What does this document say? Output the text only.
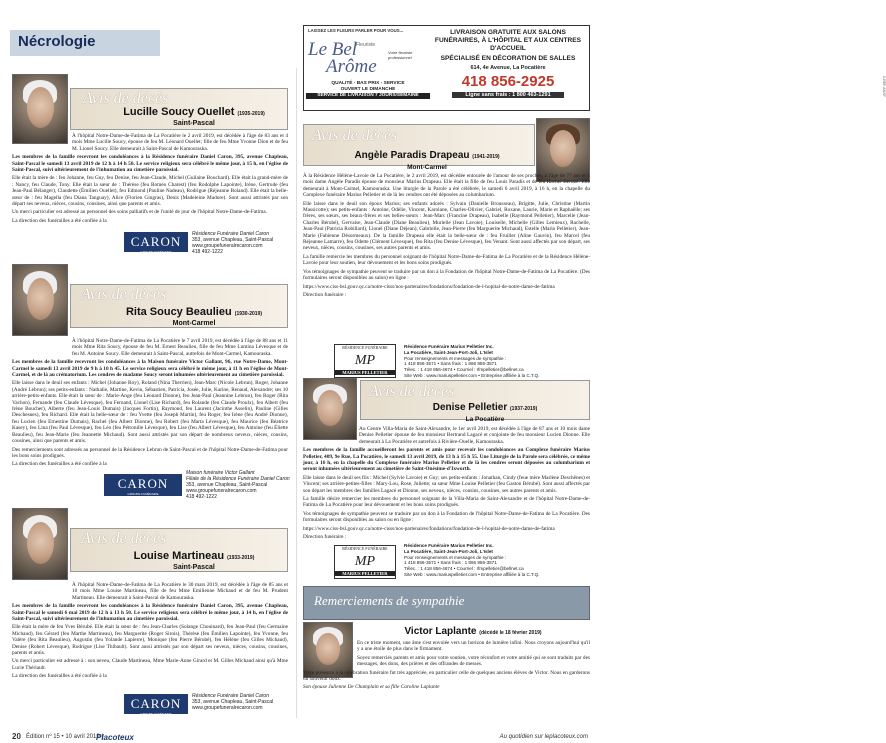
Nécrologie
LAISSEZ LES FLEURS PARLER POUR VOUS...
Fleuriste
Le Bel
Arôme
Votre fleuriste professionnel
QUALITÉ - BAS PRIX - SERVICE
OUVERT LE DIMANCHE
SERVICE DE LIVRAISON 7 JOURS/SEMAINE
LIVRAISON GRATUITE AUX SALONS FUNÉRAIRES, À L'HÔPITAL ET AUX CENTRES D'ACCUEIL
SPÉCIALISÉ EN DÉCORATION DE SALLES
614, 4e Avenue, La Pocatière
418 856-2925
Ligne sans frais : 1 800 463-1291	0-RBF-ANSP
Avis de décès
Lucille Soucy Ouellet (1935-2019)
Saint-Pascal

À l'hôpital Notre-Dame-de-Fatima de La Pocatière le 2 avril 2019, est décédée à l'âge de 83 ans et 4 mois Mme Lucille Soucy, épouse de feu M. Léonard Ouellet; fille de feu Mme Yvonne Dion et de feu M. Lionel Soucy. Elle demeurait à Saint-Pascal de Kamouraska.

Les membres de la famille recevront les condoléances à la Résidence funéraire Daniel Caron, 395, avenue Chapleau, Saint-Pascal le samedi 13 avril 2019 de 12 h à 14 h 50. Le service religieux sera célébré le même jour, à 15 h, en l'église de Saint-Pascal, suivi ultérieurement de l'inhumation au cimetière paroissial.

Elle était la mère de : feu Johanne, feu Guy, feu Denise, feu Jean-Claude, Michel (Guilaine Bouchard). Elle était la grand-mère de : Nancy, feu Claude, Tony. Elle était la sœur de : Thérèse (feu Roméo Charest) (feu Rodolphe Lapointe), Irène, Gertrude (feu Jean-Paul Bélanger), Claudette (Émilien Ouellet), feu Edmond (Pauline Nadeau), Rodrigue (Réjeanne Boland). Elle était la belle-sœur de : feu Magella (feu Diana Tanguay), Alice (Florien Gingras), Denis (Madeleine Madore). Sont aussi attristés par son départ ses neveux, nièces, cousins, cousines, ainsi que parents et amis.

Un merci particulier est adressé au personnel des soins palliatifs et de l'unité de jour de l'hôpital Notre-Dame-de-Fatima.

La direction des funérailles a été confiée à la

CARON
GROUPE FUNÉRAIRE
Résidence Funéraire Daniel Caron
353, avenue Chapleau, Saint-Pascal
www.groupefuneralrecaron.com
418 492-1222
Avis de décès
Rita Soucy Beaulieu (1930-2019)
Mont-Carmel

À l'hôpital Notre-Dame-de-Fatima de La Pocatière le 7 avril 2019, est décédée à l'âge de 88 ans et 11 mois Mme Rita Soucy, épouse de feu M. Ernest Beaulieu, fille de feu Mme Lumina Lévesque et de feu M. Antoine Soucy. Elle demeurait à Saint-Pascal, autrefois de Mont-Carmel, Kamouraska.

Les membres de la famille recevront les condoléances à la Maison funéraire Victor Gallant, 96, rue Notre-Dame, Mont-Carmel le samedi 13 avril 2019 de 9 h à 10 h 45. Le service religieux sera célébré le même jour, à 11 h en l'église de Mont-Carmel, et de là au crématorium. Les cendres de madame Soucy seront inhumées ultérieurement au cimetière paroissial.

Elle laisse dans le deuil ses enfants : Michel (Johanne Roy), Roland (Nina Therrien), Jean-Marc (Nicole Lebrun), Roger, Johanne (André Lebrun); ses petits-enfants : Nathalie, Martine, Kevin, Sébastien, Patricia, Josée, Julie, Karine, Renaud, Alexandre; ses 10 arrière-petits-enfants. Elle était la sœur de : Marie-Ange (feu Léonard Dionne), feu Jean-Paul (Jeannine Lebrun), feu Roger (Rita Vachon), Fernande (feu Claude Lévesque), feu Fernand, Lionel (Lise Richard), feu Rolande (feu Claude Proulx), feu Albert (feu Irène Boucher), Alberte (feu Jean-Louis Dumais) (Jacques Fortin), Raymond, feu Laurent (Jacinthe Asselin), Pauline (Gilles Deschesnes), feu Richard. Elle était la belle-sœur de : feu Yvette (feu Joseph Martin), feu Roger, feu Irène (feu André Dionne), feu Lucien (feu Ernestine Dumais), Rachel (feu Albert Dionne), feu Robert (feu Marta Lévesque), feu Maurice (feu Béatrice Kasey), feu Lina (feu Paul Lévesque), feu Léo (feu Pétronille Lévesque), feu Lise (feu Albert Lévesque), feu Antoine (feu Éliette Beaulieu), feu Jean-Marie (feu Jeannette Michaud). Sont aussi attristés par son départ de nombreux neveux, nièces, cousins, cousines, ainsi que parents et amis.

Des remerciements sont adressés au personnel de la Résidence Lebrun de Saint-Pascal et de l'hôpital Notre-Dame-de-Fatima pour les bons soins prodigués.

La direction des funérailles a été confiée à la

CARON
GROUPE FUNÉRAIRE
Maison funéraire Victor Gallant
Filiale de la Résidence Funéraire Daniel Caron
353, avenue Chapleau, Saint-Pascal
www.groupefuneralrecaron.com
418 492-1222
Avis de décès
Louise Martineau (1933-2019)
Saint-Pascal

À l'hôpital Notre-Dame-de-Fatima de La Pocatière le 30 mars 2019, est décédée à l'âge de 85 ans et 10 mois Mme Louise Martineau, fille de feu Mme Emilienne Michaud et de feu M. Prudent Martineau. Elle demeurait à Saint-Pascal de Kamouraska.

Les membres de la famille recevront les condoléances à la Résidence funéraire Daniel Caron, 395, avenue Chapleau, Saint-Pascal le samedi 6 mai 2019 de 12 h à 13 h 50. Le service religieux sera célébré le même jour, à 14 h, en l'église de Saint-Pascal, suivi ultérieurement de l'inhumation au cimetière paroissial.

Elle était la mère de feu Yves Bérubé. Elle était la sœur de : feu Jean-Charles (Solange Chouinard), feu Jean-Paul (feu Germaine Michaud), feu Gérard (feu Marthe Martineau), feu Marguerite (Roger Sirois), Thérèse (feu Émilien Lapointe), feu Yvonne, feu Valère (feu Rita Beaulieu), Augustin (feu Yolande Lapierre), Monique (feu Pierre Bérubé), feu Hélène (feu Gilles Michaud), Denise (Robert Lévesque), Rodrigue (Lise Thibault). Sont aussi attristés par son départ ses neveux, nièces, cousins, cousines, parents et amis.

Un merci particulier est adressé à : son neveu, Claude Martineau, Mme Marie-Anne Girard et M. Gilles Michaud ainsi qu'à Mme Lucie Thériault.

La direction des funérailles a été confiée à la

CARON
GROUPE FUNÉRAIRE
Résidence Funéraire Daniel Caron
353, avenue Chapleau, Saint-Pascal
www.groupefuneralrecaron.com
Avis de décès
Angèle Paradis Drapeau (1941-2019)
Mont-Carmel

À la Résidence Hélène-Lavoie de La Pocatière, le 2 avril 2019, est décédée entourée de l'amour de ses proches, à l'âge de 77 ans et 5 mois dame Angèle Paradis épouse de monsieur Marius Drapeau. Elle était la fille de feu Louis Paradis et de feu Rachel Bérubé. Elle demeurait à Mont-Carmel, Kamouraska. Une liturgie de la Parole a été célébrée, le samedi 6 avril 2019, à 16 h, en la chapelle du Complexe funéraire Marius Pelletier et de là les cendres ont été déposées au columbarium.

Elle laisse dans le deuil son époux Marius; ses enfants adorés : Sylvain (Danielle Brousseau), Brigitte, Julie, Christine (Martin Massicotte); ses petits-enfants : Antoine, Odèlie, Vincent, Karolane, Charles-Olivier, Gabriel, Roxane, Laurie, Marie et Raphaëlle; ses frères, ses sœurs, ses beaux-frères et ses belles-sœurs : Jean-Marc (Francine Drapeau), Isabelle (Raymond Pelletier), Marcelle (Jean-Charles Bérubé), Gervaise, Jean-Claude (Diane Beaulieu), Murielle (Jean Lavoie), Louiselle, Michelle (Gilles Lemieux), Rachelle, Jean-Paul (Patricia Robillard), Lionel (Diane Déjean), Gabrielle, Jean-Pierre (feu Marguerite Michaud), Estelle (Mario Pelletier), Jean-Marie (Fabienne Désormeaux). De la famille Drapeau elle était la belle-sœur de : feu Fruiller (Aline Gauvin), feu Marcel (feu Réjeanne Lamarre), feu Odette (Clément Lévesque), feu Rita (feu Denise Lévesque), feu Venant. Sont aussi affectés par son départ, ses neveux, nièces, cousins, cousines, ses autres parents et amis.

La famille remercie les membres du personnel soignant de l'hôpital Notre-Dame-de-Fatima de La Pocatière et de la Résidence Hélène-Lavoie pour leur soutien, leur dévouement et les bons soins prodigués.

Vos témoignages de sympathie peuvent se traduire par un don à la Fondation de l'hôpital Notre-Dame-de-Fatima de La Pocatière. (Des formulaires seront disponibles au salon) en ligne :

https://www.ciss-bsl.gouv.qc.ca/notre-cisss/nos-partenaires/fondations/fondation-de-l-hopital-de-notre-dame-de-fatima

Direction funéraire :

RÉSIDENCE FUNÉRAIRE
MP
MARIUS PELLETIER
Résidence Funéraire Marius Pelletier Inc.
La Pocatière, Saint-Jean-Port-Joli, L'Islet
Pour renseignements et messages de sympathie :
1 418 856-3571 • Sans frais : 1 866 856-3571
Télec. : 1 418 856-4674 • Courriel : rfmpelletier@bellnet.ca
Site Web : www.mariuspelletier.com • Entreprise affiliée à la C.T.Q.
Avis de décès
Denise Pelletier (1937-2019)
La Pocatière

Au Centre Villa-Maria de Saint-Alexandre, le 1er avril 2019, est décédée à l'âge de 87 ans et 10 mois dame Denise Pelletier épouse de feu monsieur Bertrand Lagacé et conjointe de feu monsieur Lucien Dionne. Elle demeurait à La Pocatière et autrefois à Rivière-Ouelle, Kamouraska.

Les membres de la famille accueilleront les parents et amis pour recevoir les condoléances au Complexe funéraire Marius Pelletier, 409, 9e Rue, La Pocatière, le samedi 13 avril 2019, de 13 h à 15 h 55. Une Liturgie de la Parole sera célébrée, ce même jour, à 16 h, en la chapelle du Complexe funéraire Marius Pelletier et de là les cendres seront déposées au columbarium et seront inhumées ultérieurement au cimetière de Saint-Onésime-d'Ixworth.

Elle laisse dans le deuil ses fils : Michel (Sylvie Lavoie) et Guy; ses petits-enfants : Jonathan, Cindy (feue mère Marlène Deschênes) et Vincent; ses arrière-petites-filles : Mary-Lou, Rose, Juliette; sa sœur Mme Louise Pelletier (feu Gaston Bérubé). Sont aussi affectés par son départ les membres des familles Lagacé et Dionne, ses neveux, nièces, cousins, cousines, ses autres parents et amis.

La famille désire remercier les membres du personnel soignant de la Villa-Maria de Saint-Alexandre et de l'hôpital Notre-Dame-de-Fatima de La Pocatière pour leur dévouement et les bons soins prodigués.

Vos témoignages de sympathie peuvent se traduire par un don à la Fondation de l'hôpital Notre-Dame-de-Fatima de La Pocatière. Des formulaires seront disponibles au salon ou en ligne :

https://www.ciss-bsl.gouv.qc.ca/notre-cisss/nos-partenaires/fondations/fondation-de-l-hopital-de-notre-dame-de-fatima

Direction funéraire :

RÉSIDENCE FUNÉRAIRE
MP
MARIUS PELLETIER
Résidence Funéraire Marius Pelletier Inc.
La Pocatière, Saint-Jean-Port-Joli, L'Islet
Pour renseignements et messages de sympathie :
1 418 856-3571 • Sans frais : 1 866 856-3571
Télec. : 1 418 856-4674 • Courriel : rfmpelletier@bellnet.ca
Site Web : www.mariuspelletier.com • Entreprise affiliée à la C.T.Q.
Remerciements de sympathie
Victor Laplante (décédé le 18 février 2019)

En ce triste moment, une âme s'est envolée vers un horizon de lumière infini. Nous croyons aujourd'hui qu'il y a une étoile de plus dans le firmament.

Soyez remerciés parents et amis pour votre soutien, votre réconfort et votre amitié qui se sont traduits par des messages, des dons, des prières et des offrandes de messes.

Votre présence à la célébration funéraire fut très appréciée, en particulier celle de quelques anciens élèves de Victor. Nous en garderons un souvenir doux.

Son épouse Julienne De Champlain et sa fille Caroline Laplante

20 Édition nº 15 • 10 avril 2019 |
Placoteux	Au quotidien sur leplacoteux.com
